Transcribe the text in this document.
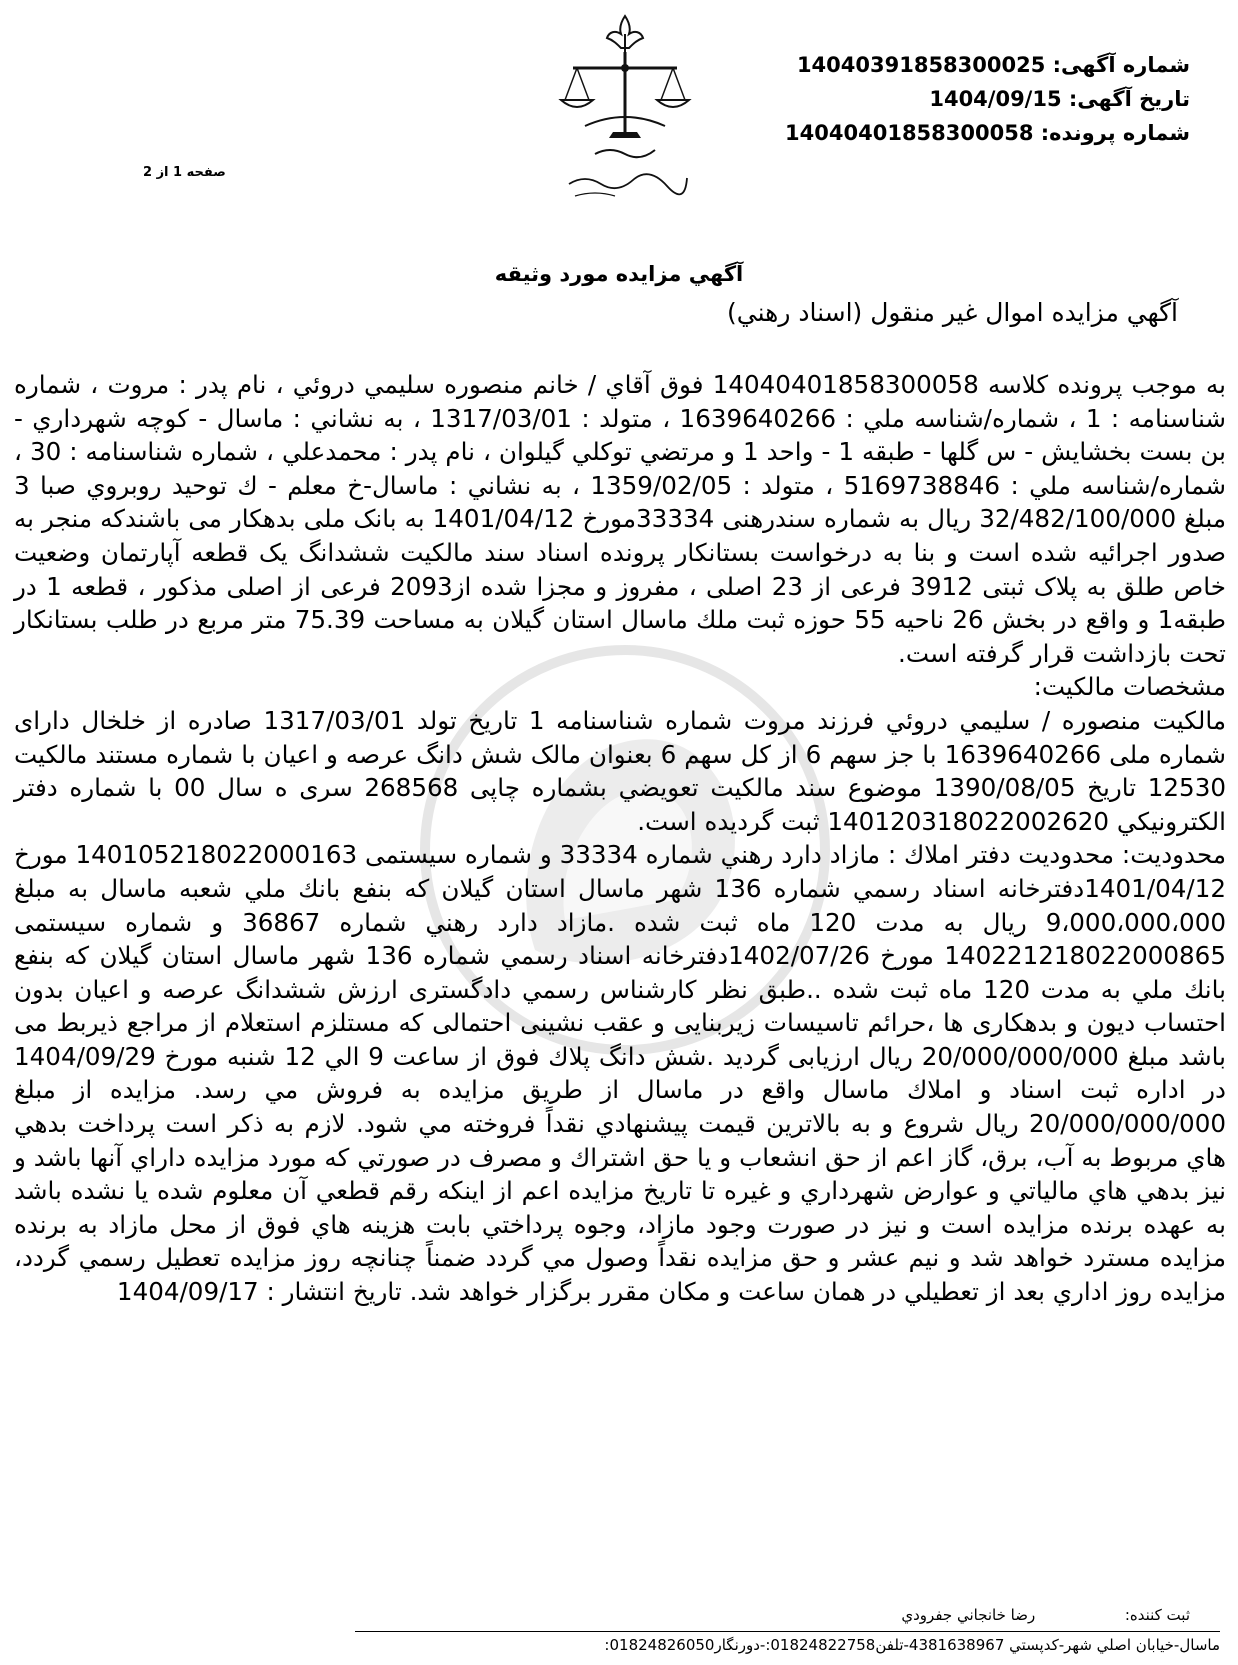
شماره آگهی: 14040391858300025
تاریخ آگهی: 1404/09/15
شماره پرونده: 14040401858300058
صفحه 1 از 2
آگهي مزايده مورد وثيقه
آگهي مزايده اموال غير منقول (اسناد رهني)

به موجب پرونده كلاسه 14040401858300058 فوق آقاي / خانم منصوره سليمي دروئي ، نام پدر : مروت ، شماره شناسنامه : 1 ، شماره/شناسه ملي : 1639640266 ، متولد : 1317/03/01 ، به نشاني : ماسال - كوچه شهرداري - بن بست بخشايش - س گلها - طبقه 1 - واحد 1 و مرتضي توكلي گيلوان ، نام پدر : محمدعلي ، شماره شناسنامه : 30 ، شماره/شناسه ملي : 5169738846 ، متولد : 1359/02/05 ، به نشاني : ماسال-خ معلم - ك توحيد روبروي صبا 3 مبلغ 32/482/100/000 ريال به شماره سندرهنی 33334مورخ 1401/04/12 به بانک ملی بدهکار می باشندکه منجر به صدور اجرائیه شده است و بنا به درخواست بستانکار پرونده اسناد سند مالکیت ششدانگ یک قطعه آپارتمان وضعیت خاص طلق به پلاک ثبتی 3912 فرعی از 23 اصلی ، مفروز و مجزا شده از2093 فرعی از اصلی مذکور ، قطعه 1 در طبقه1 و واقع در بخش 26 ناحيه 55 حوزه ثبت ملك ماسال استان گيلان به مساحت 75.39 متر مربع در طلب بستانكار تحت بازداشت قرار گرفته است.

مشخصات مالكيت:

مالکیت منصوره / سليمي دروئي فرزند مروت شماره شناسنامه 1 تاریخ تولد 1317/03/01 صادره از خلخال دارای شماره ملی 1639640266 با جز سهم 6 از کل سهم 6 بعنوان مالک شش دانگ عرصه و اعیان با شماره مستند مالکیت 12530 تاریخ 1390/08/05 موضوع سند مالكيت تعويضي بشماره چاپی 268568 سری ه سال 00 با شماره دفتر الكترونيكي 140120318022002620 ثبت گرديده است.

محدوديت: محدوديت دفتر املاك : مازاد دارد رهني شماره 33334 و شماره سيستمی 140105218022000163 مورخ 1401/04/12دفترخانه اسناد رسمي شماره 136 شهر ماسال استان گيلان كه بنفع بانك ملي شعبه ماسال به مبلغ 9،000،000،000 ريال به مدت 120 ماه ثبت شده .مازاد دارد رهني شماره 36867 و شماره سيستمی 140221218022000865 مورخ 1402/07/26دفترخانه اسناد رسمي شماره 136 شهر ماسال استان گيلان كه بنفع بانك ملي به مدت 120 ماه ثبت شده ..طبق نظر كارشناس رسمي دادگستری ارزش ششدانگ عرصه و اعيان بدون احتساب ديون و بدهكاری ها ،حرائم تاسيسات زيربنايی و عقب نشينی احتمالی كه مستلزم استعلام از مراجع ذيربط می باشد مبلغ 20/000/000/000 ريال ارزيابی گرديد .شش دانگ پلاك فوق از ساعت 9 الي 12 شنبه مورخ 1404/09/29 در اداره ثبت اسناد و املاك ماسال واقع در ماسال از طريق مزايده به فروش مي رسد. مزايده از مبلغ 20/000/000/000 ريال شروع و به بالاترين قيمت پيشنهادي نقداً فروخته مي شود. لازم به ذكر است پرداخت بدهي هاي مربوط به آب، برق، گاز اعم از حق انشعاب و يا حق اشتراك و مصرف در صورتي كه مورد مزايده داراي آنها باشد و نيز بدهي هاي مالياتي و عوارض شهرداري و غيره تا تاريخ مزايده اعم از اينكه رقم قطعي آن معلوم شده يا نشده باشد به عهده برنده مزايده است و نيز در صورت وجود مازاد، وجوه پرداختي بابت هزينه هاي فوق از محل مازاد به برنده مزايده مسترد خواهد شد و نيم عشر و حق مزايده نقداً وصول مي گردد ضمناً چنانچه روز مزايده تعطيل رسمي گردد، مزايده روز اداري بعد از تعطيلي در همان ساعت و مكان مقرر برگزار خواهد شد. تاريخ انتشار : 1404/09/17

ثبت كننده: رضا خانجاني جفرودي
ماسال-خيابان اصلي شهر-كدپستي 4381638967-تلفن01824822758:-دورنگار01824826050:
